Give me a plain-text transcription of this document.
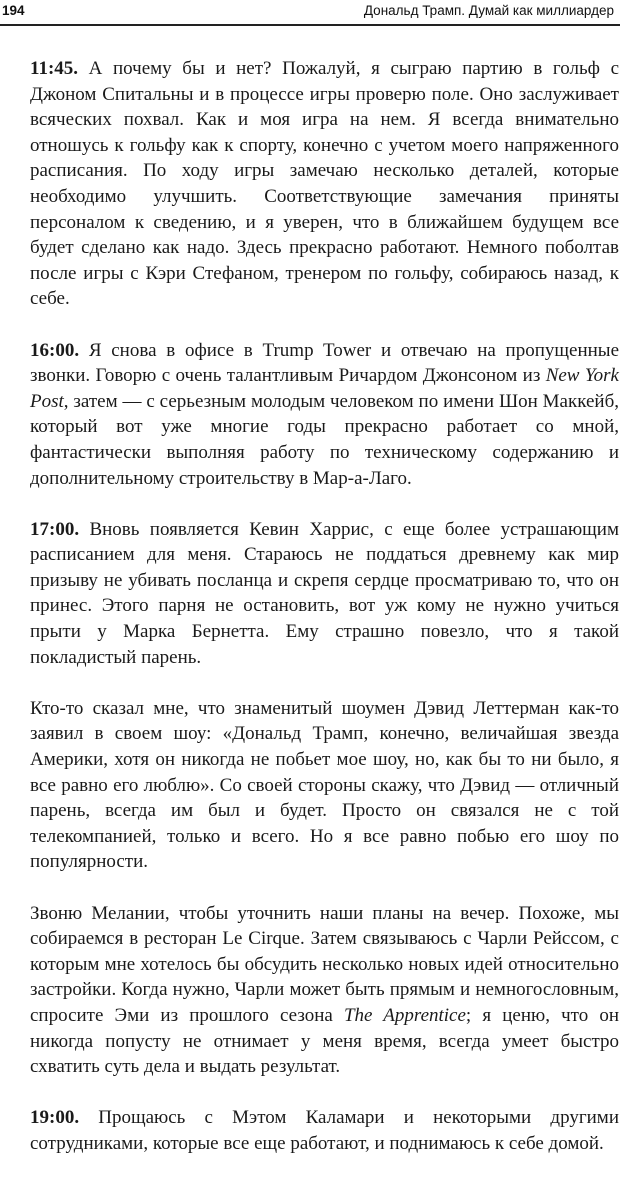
194	Дональд Трамп. Думай как миллиардер

11:45. А почему бы и нет? Пожалуй, я сыграю партию в гольф с Джоном Спитальны и в процессе игры проверю поле. Оно заслуживает всяческих похвал. Как и моя игра на нем. Я всегда внимательно отношусь к гольфу как к спорту, конечно с учетом моего напряженного расписания. По ходу игры замечаю несколько деталей, которые необходимо улучшить. Соответствующие замечания приняты персоналом к сведению, и я уверен, что в ближайшем будущем все будет сделано как надо. Здесь прекрасно работают. Немного поболтав после игры с Кэри Стефаном, тренером по гольфу, собираюсь назад, к себе.

16:00. Я снова в офисе в Trump Tower и отвечаю на пропущенные звонки. Говорю с очень талантливым Ричардом Джонсоном из New York Post, затем — с серьезным молодым человеком по имени Шон Маккейб, который вот уже многие годы прекрасно работает со мной, фантастически выполняя работу по техническому содержанию и дополнительному строительству в Мар-а-Лаго.

17:00. Вновь появляется Кевин Харрис, с еще более устрашающим расписанием для меня. Стараюсь не поддаться древнему как мир призыву не убивать посланца и скрепя сердце просматриваю то, что он принес. Этого парня не остановить, вот уж кому не нужно учиться прыти у Марка Бернетта. Ему страшно повезло, что я такой покладистый парень.

Кто-то сказал мне, что знаменитый шоумен Дэвид Леттерман как-то заявил в своем шоу: «Дональд Трамп, конечно, величайшая звезда Америки, хотя он никогда не побьет мое шоу, но, как бы то ни было, я все равно его люблю». Со своей стороны скажу, что Дэвид — отличный парень, всегда им был и будет. Просто он связался не с той телекомпанией, только и всего. Но я все равно побью его шоу по популярности.

Звоню Мелании, чтобы уточнить наши планы на вечер. Похоже, мы собираемся в ресторан Le Cirque. Затем связываюсь с Чарли Рейссом, с которым мне хотелось бы обсудить несколько новых идей относительно застройки. Когда нужно, Чарли может быть прямым и немногословным, спросите Эми из прошлого сезона The Apprentice; я ценю, что он никогда попусту не отнимает у меня время, всегда умеет быстро схватить суть дела и выдать результат.

19:00. Прощаюсь с Мэтом Каламари и некоторыми другими сотрудниками, которые все еще работают, и поднимаюсь к себе домой.
